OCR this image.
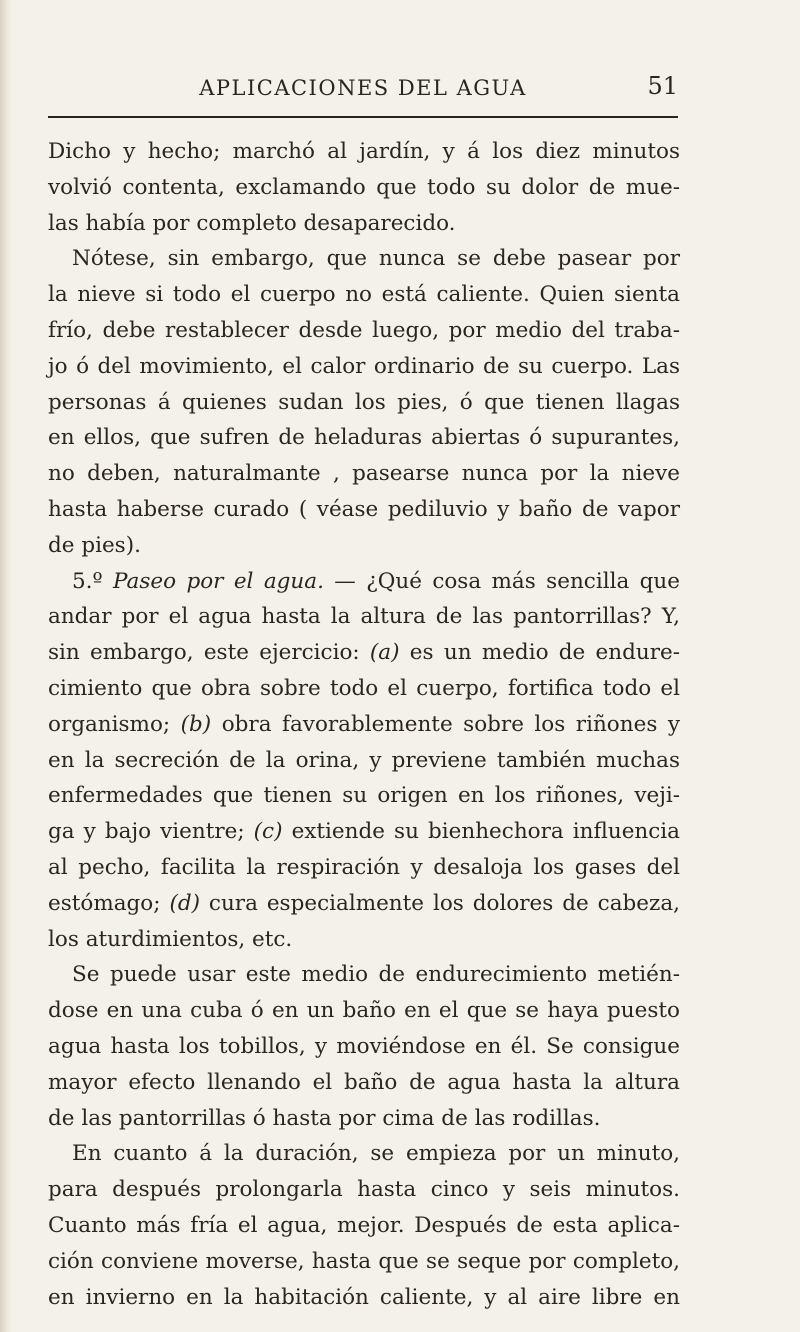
APLICACIONES DEL AGUA	51
Dicho y hecho; marchó al jardín, y á los diez minutos
volvió contenta, exclamando que todo su dolor de mue-
las había por completo desaparecido.
Nótese, sin embargo, que nunca se debe pasear por
la nieve si todo el cuerpo no está caliente. Quien sienta
frío, debe restablecer desde luego, por medio del traba-
jo ó del movimiento, el calor ordinario de su cuerpo. Las
personas á quienes sudan los pies, ó que tienen llagas
en ellos, que sufren de heladuras abiertas ó supurantes,
no deben, naturalmante , pasearse nunca por la nieve
hasta haberse curado ( véase pediluvio y baño de vapor
de pies).
5.º Paseo por el agua. — ¿Qué cosa más sencilla que
andar por el agua hasta la altura de las pantorrillas? Y,
sin embargo, este ejercicio: (a) es un medio de endure-
cimiento que obra sobre todo el cuerpo, fortifica todo el
organismo; (b) obra favorablemente sobre los riñones y
en la secreción de la orina, y previene también muchas
enfermedades que tienen su origen en los riñones, veji-
ga y bajo vientre; (c) extiende su bienhechora influencia
al pecho, facilita la respiración y desaloja los gases del
estómago; (d) cura especialmente los dolores de cabeza,
los aturdimientos, etc.
Se puede usar este medio de endurecimiento metién-
dose en una cuba ó en un baño en el que se haya puesto
agua hasta los tobillos, y moviéndose en él. Se consigue
mayor efecto llenando el baño de agua hasta la altura
de las pantorrillas ó hasta por cima de las rodillas.
En cuanto á la duración, se empieza por un minuto,
para después prolongarla hasta cinco y seis minutos.
Cuanto más fría el agua, mejor. Después de esta aplica-
ción conviene moverse, hasta que se seque por completo,
en invierno en la habitación caliente, y al aire libre en
